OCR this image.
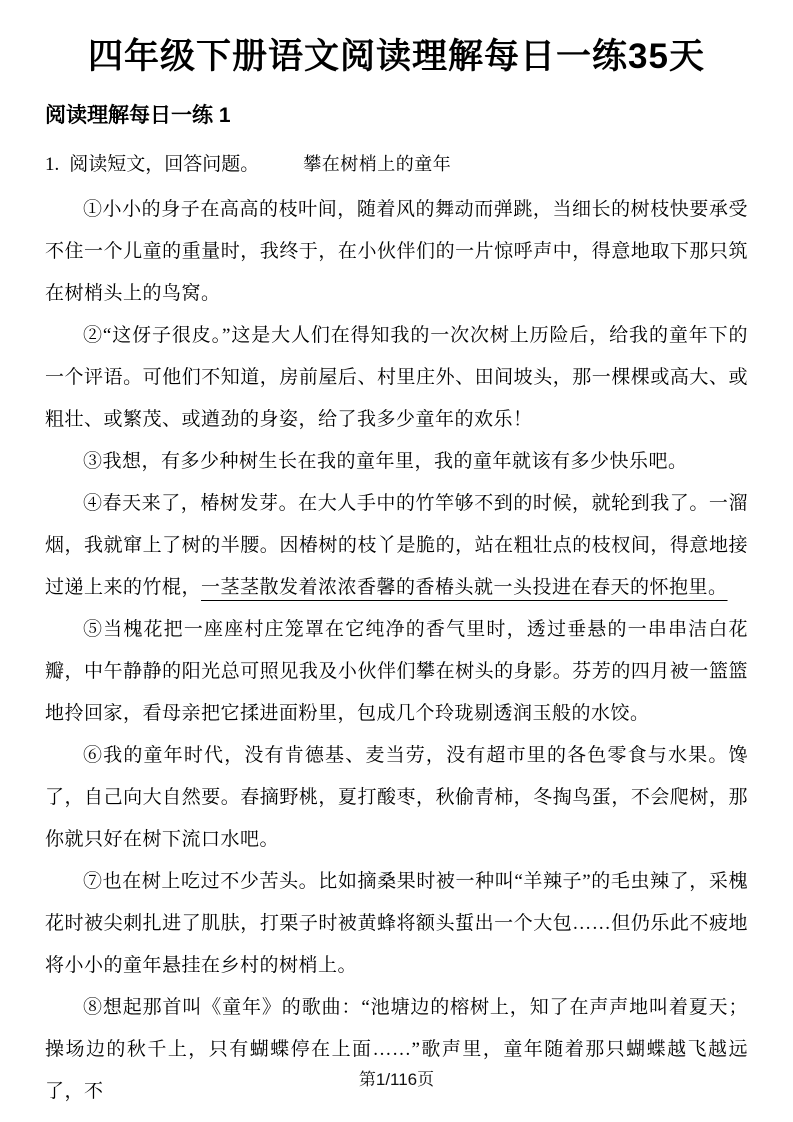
四年级下册语文阅读理解每日一练35天
阅读理解每日一练 1
1. 阅读短文，回答问题。 攀在树梢上的童年

①小小的身子在高高的枝叶间，随着风的舞动而弹跳，当细长的树枝快要承受不住一个儿童的重量时，我终于，在小伙伴们的一片惊呼声中，得意地取下那只筑在树梢头上的鸟窝。

②“这伢子很皮。”这是大人们在得知我的一次次树上历险后，给我的童年下的一个评语。可他们不知道，房前屋后、村里庄外、田间坡头，那一棵棵或高大、或粗壮、或繁茂、或遒劲的身姿，给了我多少童年的欢乐！

③我想，有多少种树生长在我的童年里，我的童年就该有多少快乐吧。

④春天来了，椿树发芽。在大人手中的竹竿够不到的时候，就轮到我了。一溜烟，我就窜上了树的半腰。因椿树的枝丫是脆的，站在粗壮点的枝杈间，得意地接过递上来的竹棍，一茎茎散发着浓浓香馨的香椿头就一头投进在春天的怀抱里。

⑤当槐花把一座座村庄笼罩在它纯净的香气里时，透过垂悬的一串串洁白花瓣，中午静静的阳光总可照见我及小伙伴们攀在树头的身影。芬芳的四月被一篮篮地拎回家，看母亲把它揉进面粉里，包成几个玲珑剔透润玉般的水饺。

⑥我的童年时代，没有肯德基、麦当劳，没有超市里的各色零食与水果。馋了，自己向大自然要。春摘野桃，夏打酸枣，秋偷青柿，冬掏鸟蛋，不会爬树，那你就只好在树下流口水吧。

⑦也在树上吃过不少苦头。比如摘桑果时被一种叫“羊辣子”的毛虫辣了，采槐花时被尖刺扎进了肌肤，打栗子时被黄蜂将额头蜇出一个大包……但仍乐此不疲地将小小的童年悬挂在乡村的树梢上。

⑧想起那首叫《童年》的歌曲：“池塘边的榕树上，知了在声声地叫着夏天；操场边的秋千上，只有蝴蝶停在上面……”歌声里，童年随着那只蝴蝶越飞越远了，不

第1/116页
